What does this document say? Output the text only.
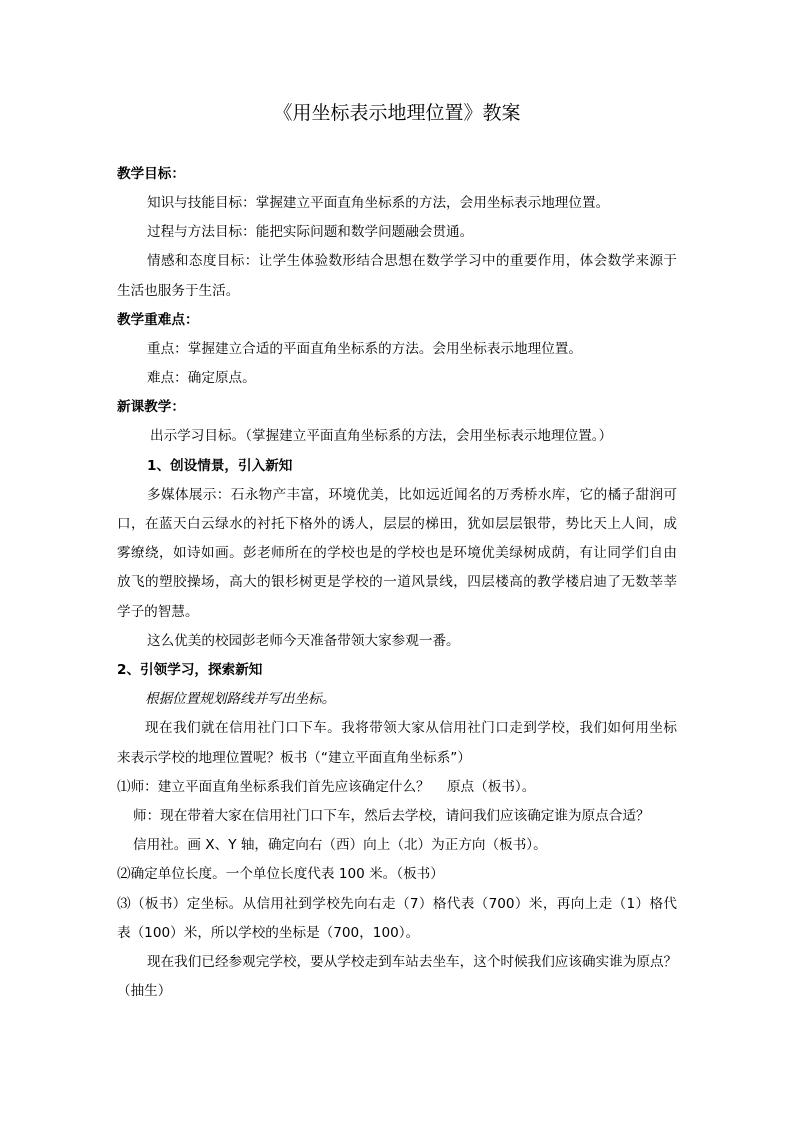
《用坐标表示地理位置》教案
教学目标：
知识与技能目标：掌握建立平面直角坐标系的方法，会用坐标表示地理位置。
过程与方法目标：能把实际问题和数学问题融会贯通。
情感和态度目标：让学生体验数形结合思想在数学学习中的重要作用，体会数学来源于
生活也服务于生活。
教学重难点：
重点：掌握建立合适的平面直角坐标系的方法。会用坐标表示地理位置。
难点：确定原点。
新课教学：
出示学习目标。（掌握建立平面直角坐标系的方法，会用坐标表示地理位置。）
1、创设情景，引入新知
多媒体展示：石永物产丰富，环境优美，比如远近闻名的万秀桥水库，它的橘子甜润可
口，在蓝天白云绿水的衬托下格外的诱人，层层的梯田，犹如层层银带，势比天上人间，成
雾缭绕，如诗如画。彭老师所在的学校也是的学校也是环境优美绿树成荫，有让同学们自由
放飞的塑胶操场，高大的银杉树更是学校的一道风景线，四层楼高的教学楼启迪了无数莘莘
学子的智慧。
这么优美的校园彭老师今天准备带领大家参观一番。
2、引领学习，探索新知
根据位置规划路线并写出坐标。
现在我们就在信用社门口下车。我将带领大家从信用社门口走到学校，我们如何用坐标
来表示学校的地理位置呢？板书（“建立平面直角坐标系”）
⑴师：建立平面直角坐标系我们首先应该确定什么？    原点（板书）。
师：现在带着大家在信用社门口下车，然后去学校，请问我们应该确定谁为原点合适？
信用社。画 X、Y 轴，确定向右（西）向上（北）为正方向（板书）。
⑵确定单位长度。一个单位长度代表 100 米。（板书）
⑶（板书）定坐标。从信用社到学校先向右走（7）格代表（700）米，再向上走（1）格代
表（100）米，所以学校的坐标是（700，100）。
现在我们已经参观完学校，要从学校走到车站去坐车，这个时候我们应该确实谁为原点？
（抽生）
